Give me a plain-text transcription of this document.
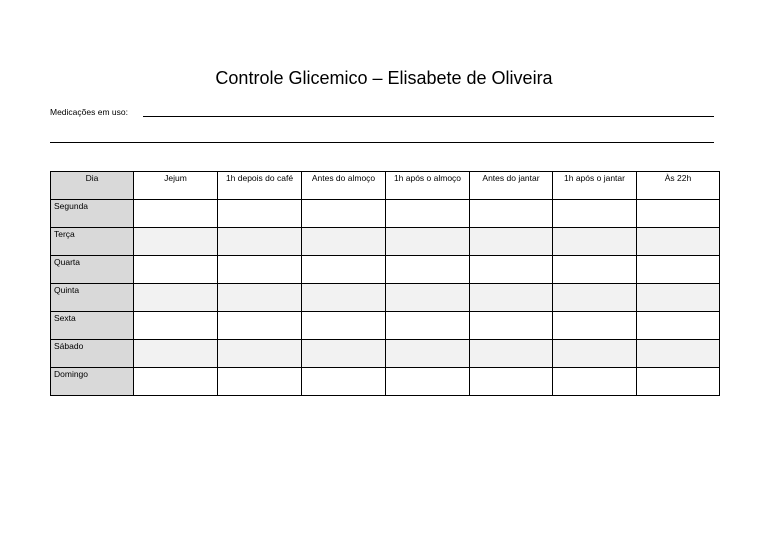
Controle Glicemico – Elisabete de Oliveira
Medicações em uso:
Dia	Jejum	1h depois do café	Antes do almoço	1h após o almoço	Antes do jantar	1h após o jantar	Às 22h
Segunda							
Terça							
Quarta							
Quinta							
Sexta							
Sábado							
Domingo							
